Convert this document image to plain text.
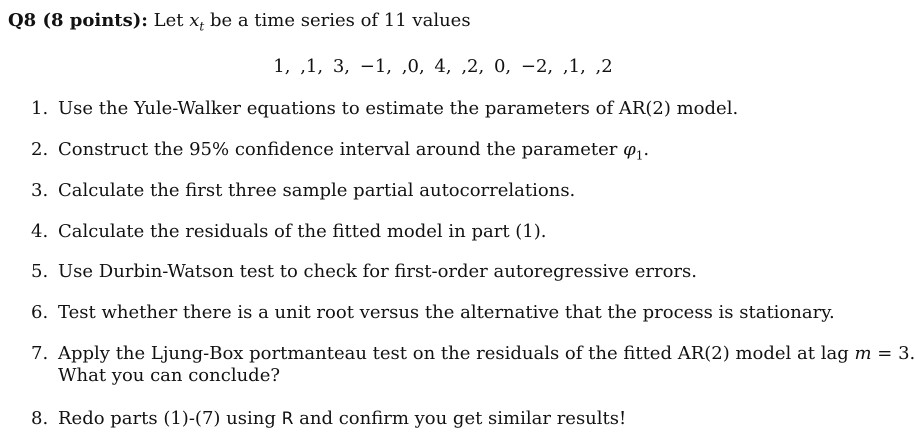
Q8 (8 points): Let $x_t$ be a time series of 11 values
1, ,1, 3, −1, ,0, 4, ,2, 0, −2, ,1, ,2
1. Use the Yule-Walker equations to estimate the parameters of AR(2) model.
2. Construct the 95% confidence interval around the parameter $\varphi_1$.
3. Calculate the first three sample partial autocorrelations.
4. Calculate the residuals of the fitted model in part (1).
5. Use Durbin-Watson test to check for first-order autoregressive errors.
6. Test whether there is a unit root versus the alternative that the process is stationary.
7. Apply the Ljung-Box portmanteau test on the residuals of the fitted AR(2) model at lag m = 3.
What you can conclude?
8. Redo parts (1)-(7) using R and confirm you get similar results!
